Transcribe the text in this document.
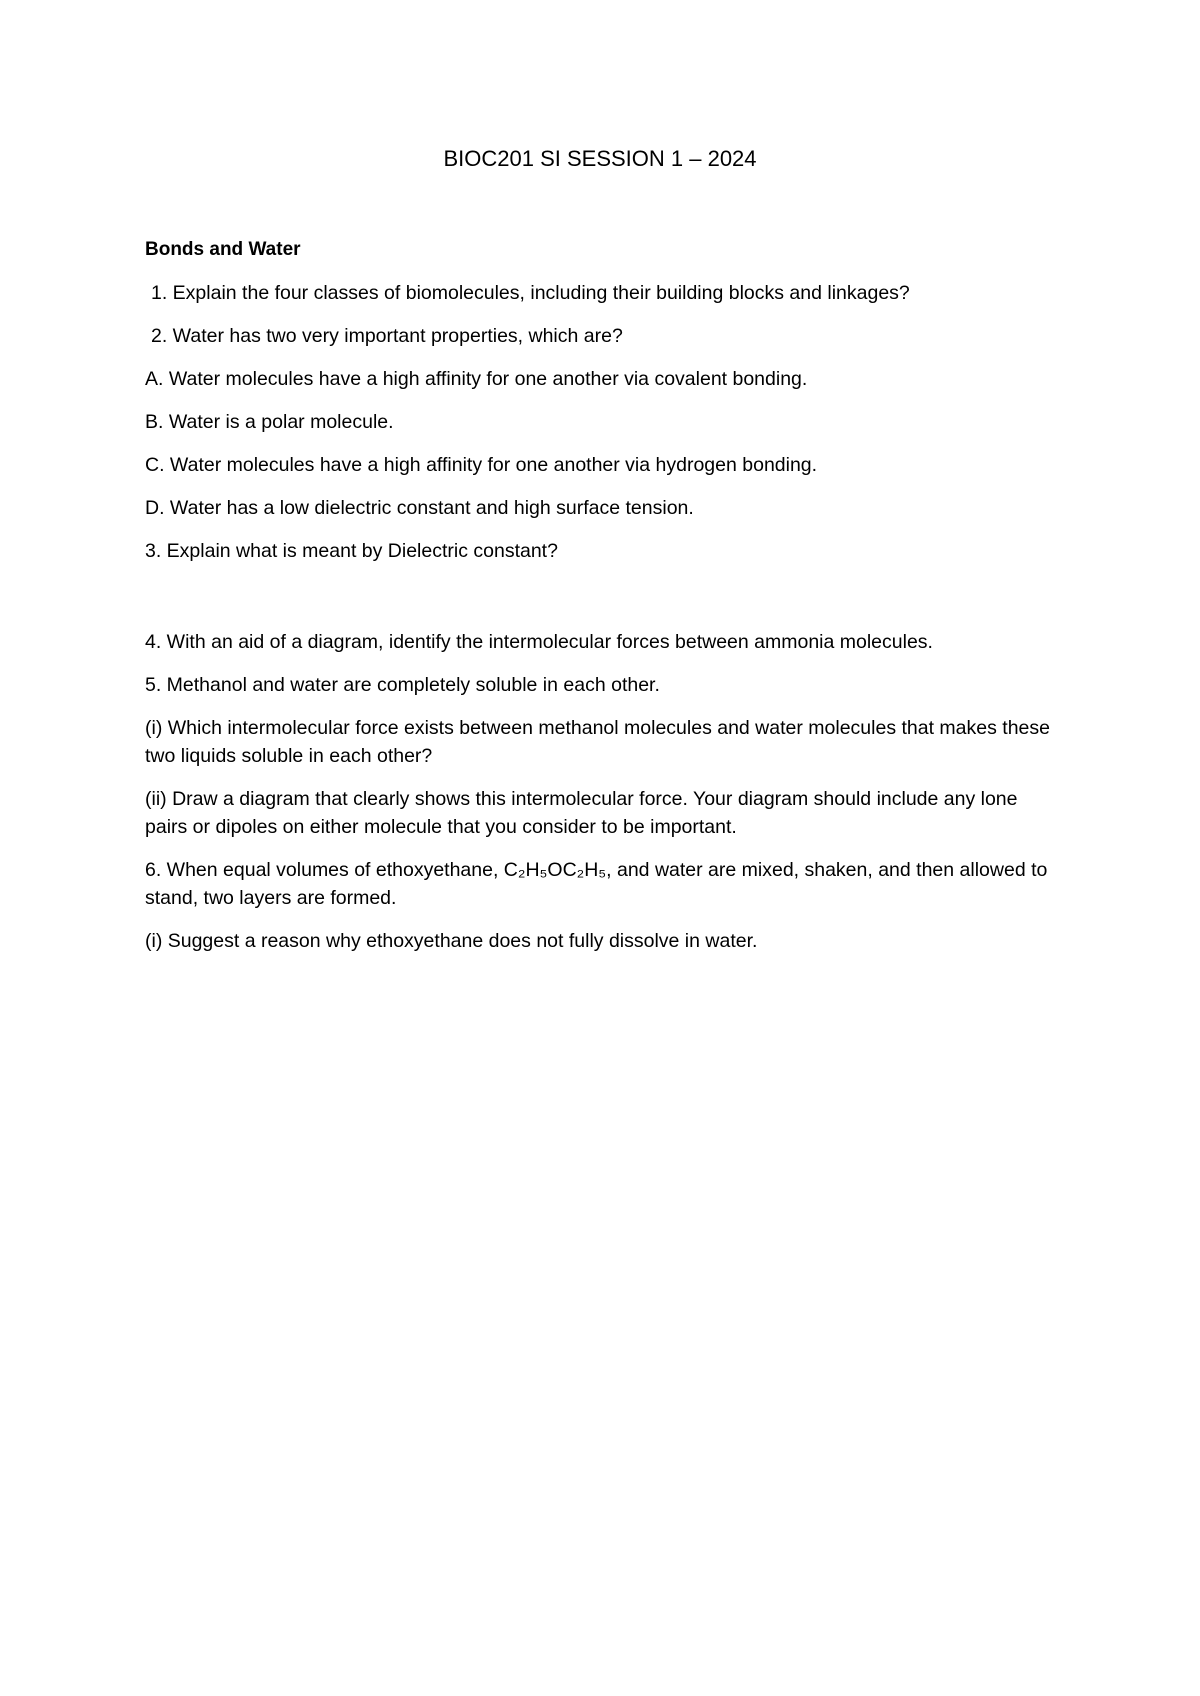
BIOC201 SI SESSION 1 – 2024

Bonds and Water

1. Explain the four classes of biomolecules, including their building blocks and linkages?

2. Water has two very important properties, which are?

A. Water molecules have a high affinity for one another via covalent bonding.

B. Water is a polar molecule.

C. Water molecules have a high affinity for one another via hydrogen bonding.

D. Water has a low dielectric constant and high surface tension.

3. Explain what is meant by Dielectric constant?

4. With an aid of a diagram, identify the intermolecular forces between ammonia molecules.

5. Methanol and water are completely soluble in each other.

(i) Which intermolecular force exists between methanol molecules and water molecules that makes these two liquids soluble in each other?

(ii) Draw a diagram that clearly shows this intermolecular force. Your diagram should include any lone pairs or dipoles on either molecule that you consider to be important.

6. When equal volumes of ethoxyethane, C₂H₅OC₂H₅, and water are mixed, shaken, and then allowed to stand, two layers are formed.

(i) Suggest a reason why ethoxyethane does not fully dissolve in water.
